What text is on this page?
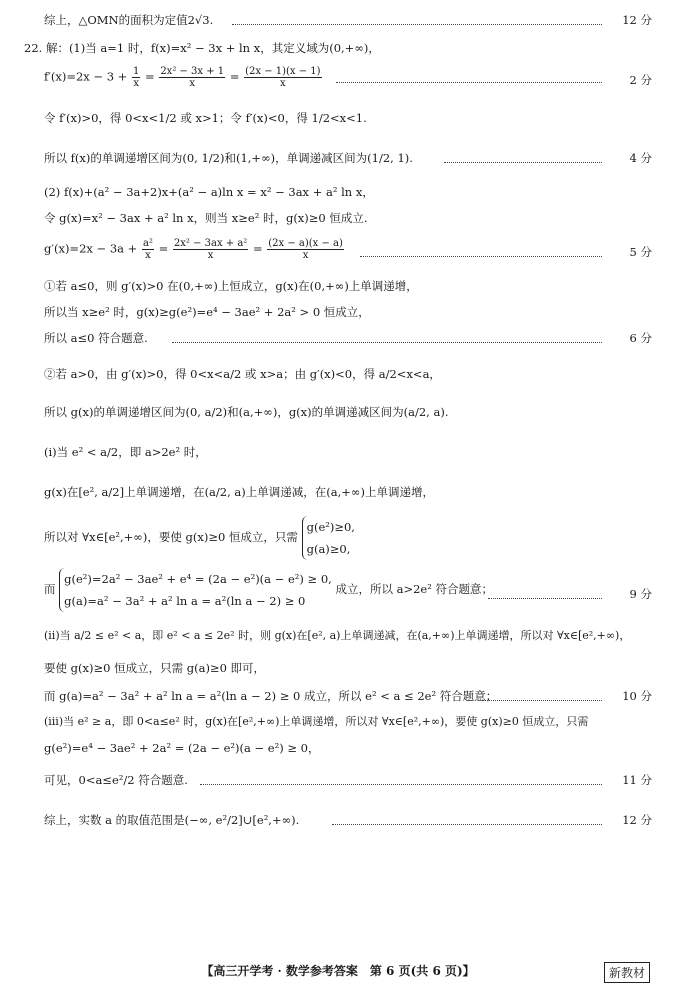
综上，△OMN的面积为定值2√3.	12 分
22. 解：(1)当 a=1 时，f(x)=x² − 3x + ln x，其定义域为(0,+∞)，
$f'(x)=2x - 3 + \frac{1}{x} = \frac{\text{2x² − 3x + 1}}{x} = \frac{(2x - 1)(x - 1)}{x}$	2 分
令 f′(x)>0，得 0<x<1/2 或 x>1；令 f′(x)<0，得 1/2<x<1.
所以 f(x)的单调递增区间为(0, 1/2)和(1,+∞)，单调递减区间为(1/2, 1).	4 分
(2) f(x)+(a² − 3a+2)x+(a² − a)ln x = x² − 3ax + a² ln x，
令 g(x)=x² − 3ax + a² ln x，则当 x≥e² 时，g(x)≥0 恒成立.
$g'(x)=2x - 3a + \frac{\text{a²}}{x} = \frac{\text{2x² − 3ax + a²}}{x} = \frac{(2x - a)(x - a)}{x}$	5 分
①若 a≤0，则 g′(x)>0 在(0,+∞)上恒成立，g(x)在(0,+∞)上单调递增，
所以当 x≥e² 时，g(x)≥g(e²)=e⁴ − 3ae² + 2a² > 0 恒成立，
所以 a≤0 符合题意.	6 分
②若 a>0，由 g′(x)>0，得 0<x<a/2 或 x>a；由 g′(x)<0，得 a/2<x<a，
所以 g(x)的单调递增区间为(0, a/2)和(a,+∞)，g(x)的单调递减区间为(a/2, a).
(ⅰ)当 e² < a/2，即 a>2e² 时，
g(x)在[e², a/2]上单调递增，在(a/2, a)上单调递减，在(a,+∞)上单调递增，
所以对 ∀x∈[e²,+∞)，要使 g(x)≥0 恒成立，只需 g(e²)≥0,
g(a)≥0,
而 g(e²)=2a² − 3ae² + e⁴ = (2a − e²)(a − e²) ≥ 0,
g(a)=a² − 3a² + a² ln a = a²(ln a − 2) ≥ 0 成立，所以 a>2e² 符合题意；	9 分
(ⅱ)当 a/2 ≤ e² < a，即 e² < a ≤ 2e² 时，则 g(x)在[e², a)上单调递减，在(a,+∞)上单调递增，所以对 ∀x∈[e²,+∞)，
要使 g(x)≥0 恒成立，只需 g(a)≥0 即可，
而 g(a)=a² − 3a² + a² ln a = a²(ln a − 2) ≥ 0 成立，所以 e² < a ≤ 2e² 符合题意；	10 分
(ⅲ)当 e² ≥ a，即 0<a≤e² 时，g(x)在[e²,+∞)上单调递增，所以对 ∀x∈[e²,+∞)，要使 g(x)≥0 恒成立，只需
g(e²)=e⁴ − 3ae² + 2a² = (2a − e²)(a − e²) ≥ 0，
可见，0<a≤e²/2 符合题意.	11 分
综上，实数 a 的取值范围是(−∞, e²/2]∪[e²,+∞).	12 分
【高三开学考 · 数学参考答案　第 6 页(共 6 页)】	新教材
